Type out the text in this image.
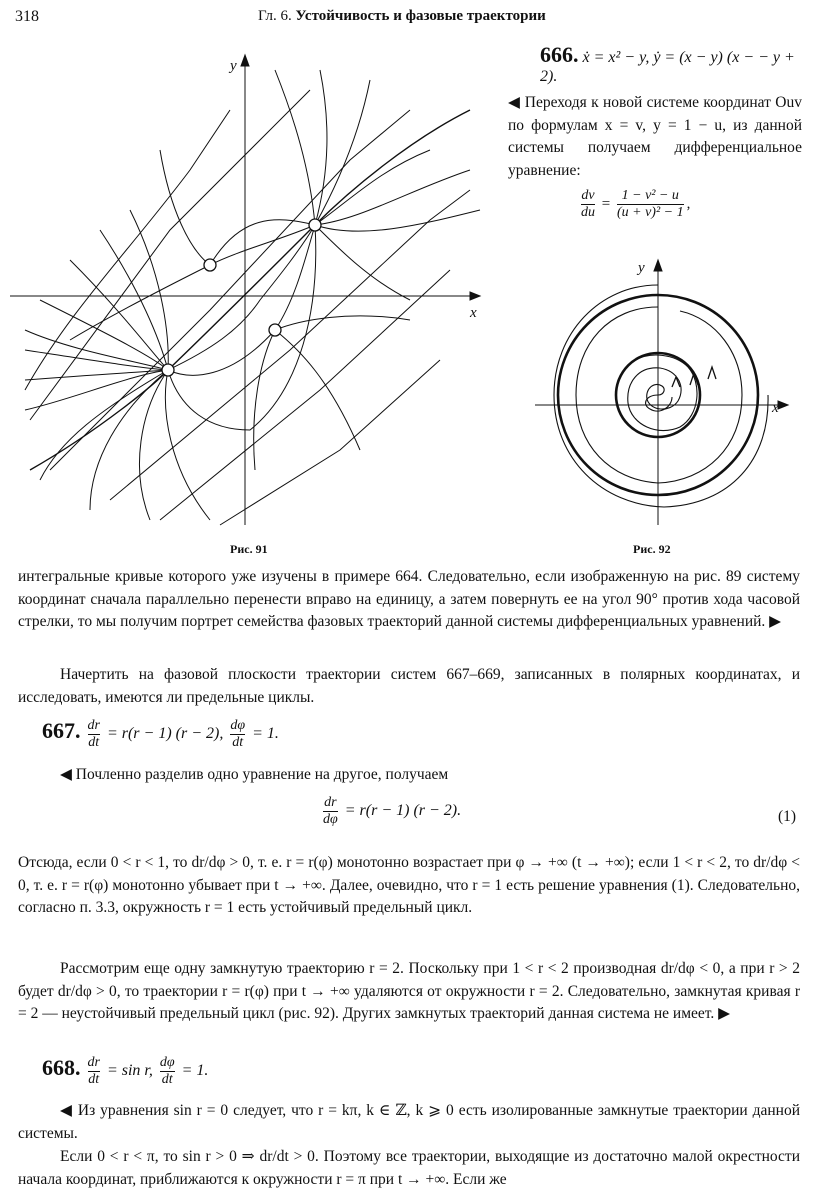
318	Гл. 6. Устойчивость и фазовые траектории
y
x
Рис. 91
666. ẋ = x² − y, ẏ = (x − y) (x − − y + 2).
◀ Переходя к новой системе координат Ouv по формулам x = v, y = 1 − u, из данной системы получаем дифференциальное уравнение:
$\frac{dv}{du} = \frac{\text{1 − v² − u}}{\text{(u + v)² − 1}}$ ,
y
x
Рис. 92
интегральные кривые которого уже изучены в примере 664. Следовательно, если изображенную на рис. 89 систему координат сначала параллельно перенести вправо на единицу, а затем повернуть ее на угол 90° против хода часовой стрелки, то мы получим портрет семейства фазовых траекторий данной системы дифференциальных уравнений. ▶
Начертить на фазовой плоскости траектории систем 667–669, записанных в полярных координатах, и исследовать, имеются ли предельные циклы.
667. $\frac{dr}{dt} = r(r - 1) (r - 2)$, $\frac{d\varphi}{dt} = 1$.
◀ Почленно разделив одно уравнение на другое, получаем
$\frac{dr}{d\varphi} = r(r - 1) (r - 2)$.	(1)
Отсюда, если 0 < r < 1, то dr/dφ > 0, т. е. r = r(φ) монотонно возрастает при φ → +∞ (t → +∞); если 1 < r < 2, то dr/dφ < 0, т. е. r = r(φ) монотонно убывает при t → +∞. Далее, очевидно, что r = 1 есть решение уравнения (1). Следовательно, согласно п. 3.3, окружность r = 1 есть устойчивый предельный цикл.
Рассмотрим еще одну замкнутую траекторию r = 2. Поскольку при 1 < r < 2 производная dr/dφ < 0, а при r > 2 будет dr/dφ > 0, то траектории r = r(φ) при t → +∞ удаляются от окружности r = 2. Следовательно, замкнутая кривая r = 2 — неустойчивый предельный цикл (рис. 92). Других замкнутых траекторий данная система не имеет. ▶
668. $\frac{dr}{dt} = \sin r$, $\frac{d\varphi}{dt} = 1$.
◀ Из уравнения sin r = 0 следует, что r = kπ, k ∈ ℤ, k ⩾ 0 есть изолированные замкнутые траектории данной системы.
Если 0 < r < π, то sin r > 0 ⇒ dr/dt > 0. Поэтому все траектории, выходящие из достаточно малой окрестности начала координат, приближаются к окружности r = π при t → +∞. Если же
